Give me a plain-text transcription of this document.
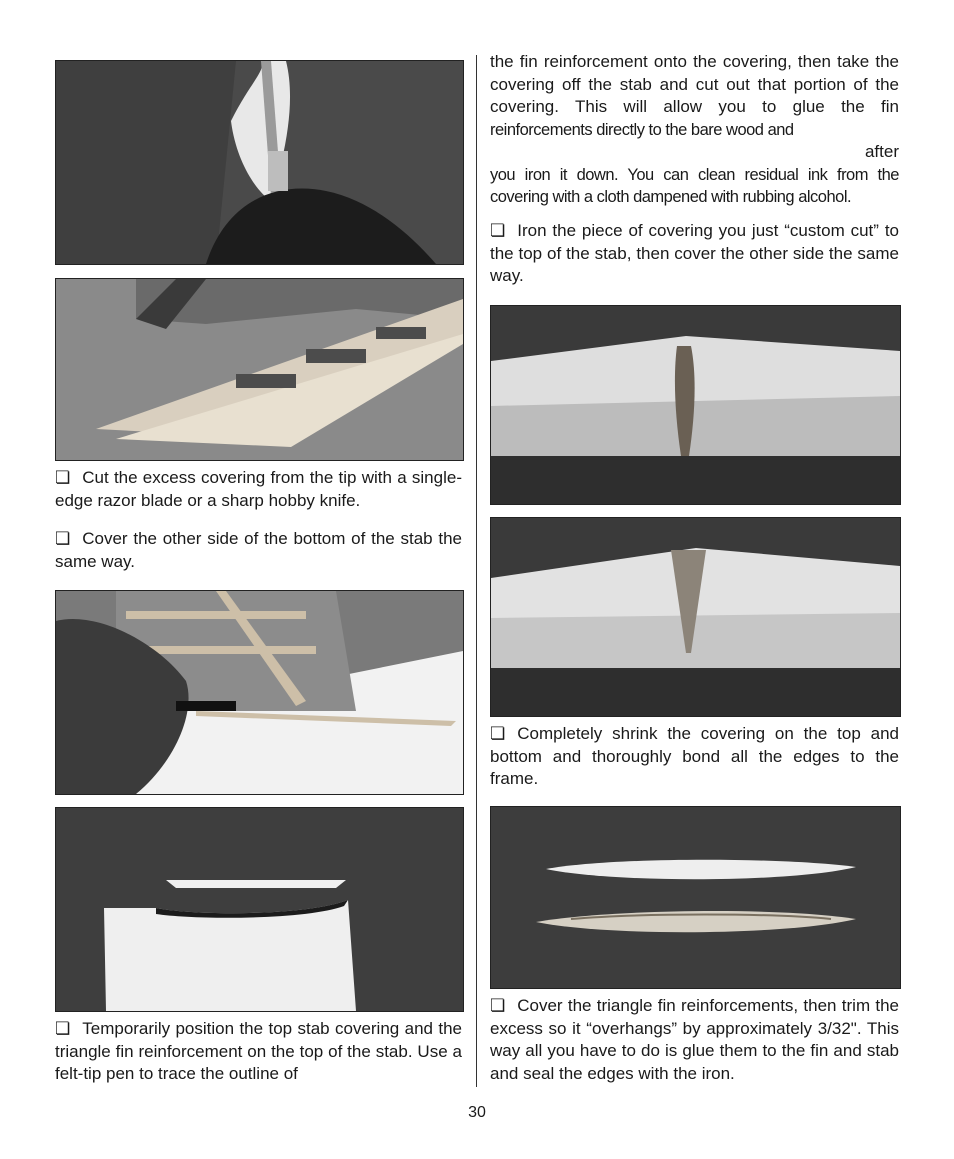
❏ Cut the excess covering from the tip with a single-edge razor blade or a sharp hobby knife.
❏ Cover the other side of the bottom of the stab the same way.
❏ Temporarily position the top stab covering and the triangle fin reinforcement on the top of the stab. Use a felt-tip pen to trace the outline of
the fin reinforcement onto the covering, then take the covering off the stab and cut out that portion of the covering. This will allow you to glue the fin reinforcements directly to the bare wood and
after
you iron it down. You can clean residual ink from the covering with a cloth dampened with rubbing alcohol.
❏ Iron the piece of covering you just “custom cut” to the top of the stab, then cover the other side the same way.
❏ Completely shrink the covering on the top and bottom and thoroughly bond all the edges to the frame.
❏ Cover the triangle fin reinforcements, then trim the excess so it “overhangs” by approximately 3/32". This way all you have to do is glue them to the fin and stab and seal the edges with the iron.
30
